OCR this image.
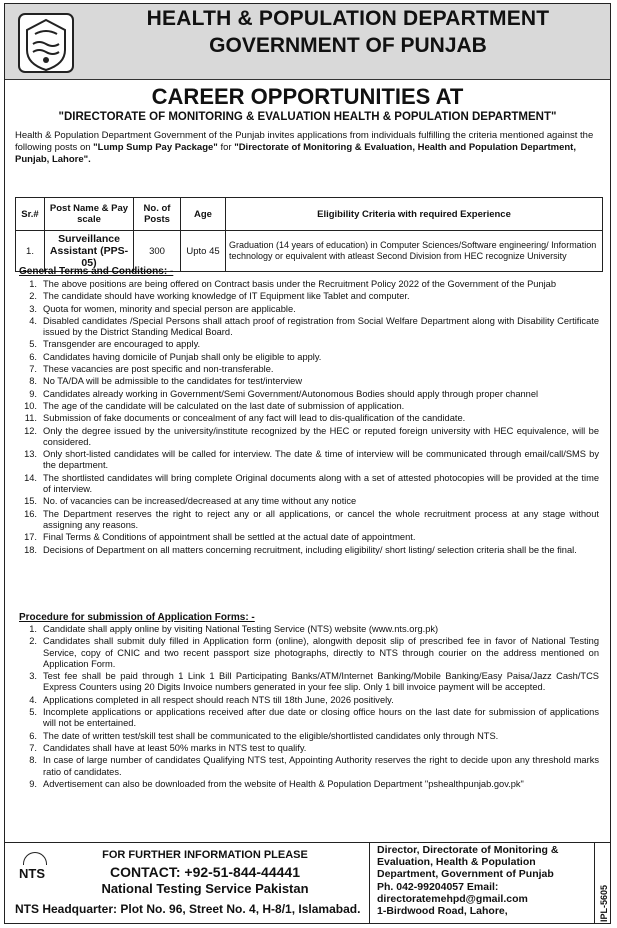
HEALTH & POPULATION DEPARTMENT
GOVERNMENT OF PUNJAB
CAREER OPPORTUNITIES AT
"DIRECTORATE OF MONITORING & EVALUATION HEALTH & POPULATION DEPARTMENT"
Health & Population Department Government of the Punjab invites applications from individuals fulfilling the criteria mentioned against the following posts on "Lump Sump Pay Package" for "Directorate of Monitoring & Evaluation, Health and Population Department, Punjab, Lahore".
Sr.#	Post Name & Pay scale	No. of Posts	Age	Eligibility Criteria with required Experience
1.	Surveillance Assistant (PPS-05)	300	Upto 45	Graduation (14 years of education) in Computer Sciences/Software engineering/ Information technology or equivalent with atleast Second Division from HEC recognize University
General Terms and Conditions: -
1. The above positions are being offered on Contract basis under the Recruitment Policy 2022 of the Government of the Punjab
2. The candidate should have working knowledge of IT Equipment like Tablet and computer.
3. Quota for women, minority and special person are applicable.
4. Disabled candidates /Special Persons shall attach proof of registration from Social Welfare Department along with Disability Certificate issued by the District Standing Medical Board.
5. Transgender are encouraged to apply.
6. Candidates having domicile of Punjab shall only be eligible to apply.
7. These vacancies are post specific and non-transferable.
8. No TA/DA will be admissible to the candidates for test/interview
9. Candidates already working in Government/Semi Government/Autonomous Bodies should apply through proper channel
10. The age of the candidate will be calculated on the last date of submission of application.
11. Submission of fake documents or concealment of any fact will lead to dis-qualification of the candidate.
12. Only the degree issued by the university/institute recognized by the HEC or reputed foreign university with HEC equivalence, will be considered.
13. Only short-listed candidates will be called for interview. The date & time of interview will be communicated through email/call/SMS by the department.
14. The shortlisted candidates will bring complete Original documents along with a set of attested photocopies will be provided at the time of interview.
15. No. of vacancies can be increased/decreased at any time without any notice
16. The Department reserves the right to reject any or all applications, or cancel the whole recruitment process at any stage without assigning any reasons.
17. Final Terms & Conditions of appointment shall be settled at the actual date of appointment.
18. Decisions of Department on all matters concerning recruitment, including eligibility/ short listing/ selection criteria shall be the final.
Procedure for submission of Application Forms: -
1. Candidate shall apply online by visiting National Testing Service (NTS) website (www.nts.org.pk)
2. Candidates shall submit duly filled in Application form (online), alongwith deposit slip of prescribed fee in favor of National Testing Service, copy of CNIC and two recent passport size photographs, directly to NTS through courier on the address mentioned on Application Form.
3. Test fee shall be paid through 1 Link 1 Bill Participating Banks/ATM/Internet Banking/Mobile Banking/Easy Paisa/Jazz Cash/TCS Express Counters using 20 Digits Invoice numbers generated in your fee slip. Only 1 bill invoice payment will be accepted.
4. Applications completed in all respect should reach NTS till 18th June, 2026 positively.
5. Incomplete applications or applications received after due date or closing office hours on the last date for submission of applications will not be entertained.
6. The date of written test/skill test shall be communicated to the eligible/shortlisted candidates only through NTS.
7. Candidates shall have at least 50% marks in NTS test to qualify.
8. In case of large number of candidates Qualifying NTS test, Appointing Authority reserves the right to decide upon any threshold marks ratio of candidates.
9. Advertisement can also be downloaded from the website of Health & Population Department "pshealthpunjab.gov.pk"
NTS
FOR FURTHER INFORMATION PLEASE
CONTACT: +92-51-844-44441
National Testing Service Pakistan
NTS Headquarter: Plot No. 96, Street No. 4, H-8/1, Islamabad.
Director, Directorate of Monitoring &
Evaluation, Health & Population
Department, Government of Punjab
Ph. 042-99204057 Email:
directoratemehpd@gmail.com
1-Birdwood Road, Lahore,	IPL-5605
